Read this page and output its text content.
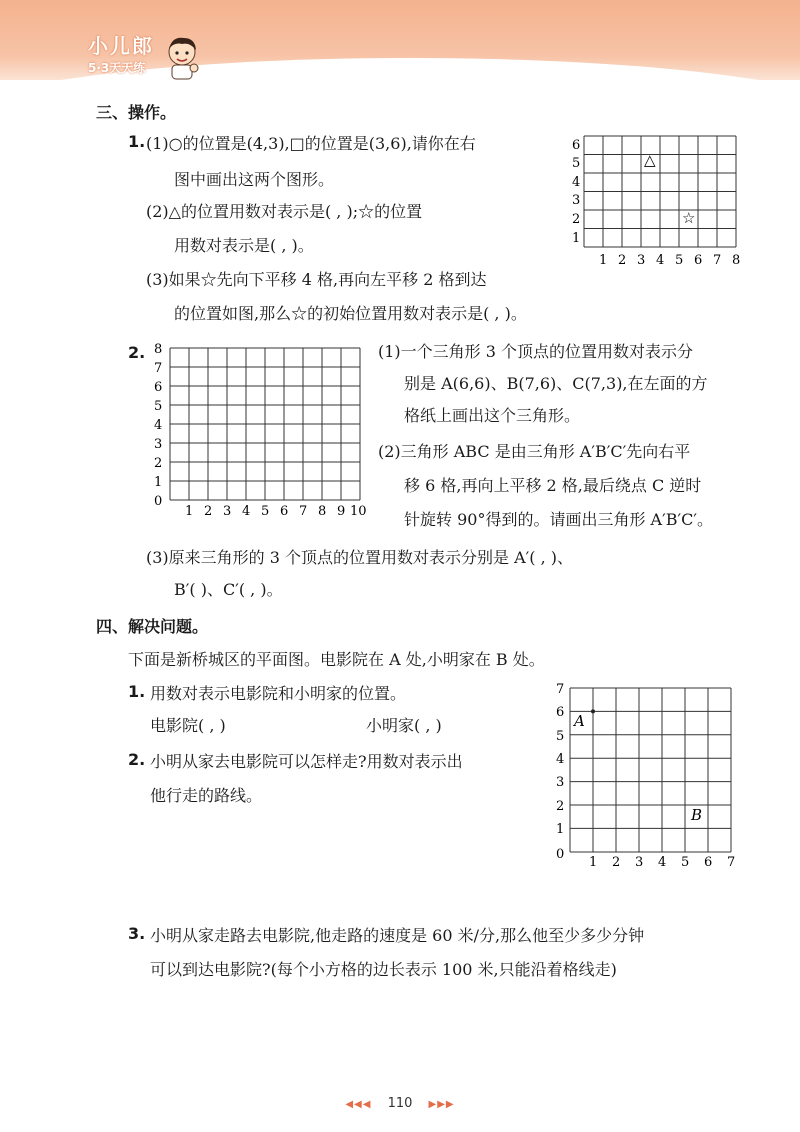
小儿郎
5·3天天练
三、操作。
1. (1)○的位置是(4,3),□的位置是(3,6),请你在右
图中画出这两个图形。
(2)△的位置用数对表示是( , );☆的位置
用数对表示是( , )。
(3)如果☆先向下平移 4 格,再向左平移 2 格到达
的位置如图,那么☆的初始位置用数对表示是( , )。
6
5
4
3
2
1
1 2 3 4 5 6 7 8
△
☆
2. 8
7
6
5
4
3
2
1
0
1 2 3 4 5 6 7 8 9 10
(1)一个三角形 3 个顶点的位置用数对表示分
别是 A(6,6)、B(7,6)、C(7,3),在左面的方
格纸上画出这个三角形。
(2)三角形 ABC 是由三角形 A′B′C′先向右平
移 6 格,再向上平移 2 格,最后绕点 C 逆时
针旋转 90°得到的。请画出三角形 A′B′C′。
(3)原来三角形的 3 个顶点的位置用数对表示分别是 A′( , )、
B′( )、C′( , )。
四、解决问题。
下面是新桥城区的平面图。电影院在 A 处,小明家在 B 处。
1. 用数对表示电影院和小明家的位置。
电影院( , )	小明家( , )
2. 小明从家去电影院可以怎样走?用数对表示出
他行走的路线。
A
B
7
6
5
4
3
2
1
0
1 2 3 4 5 6 7
3. 小明从家走路去电影院,他走路的速度是 60 米/分,那么他至少多少分钟
可以到达电影院?(每个小方格的边长表示 100 米,只能沿着格线走)
◀◀◀ 110 ▶▶▶
